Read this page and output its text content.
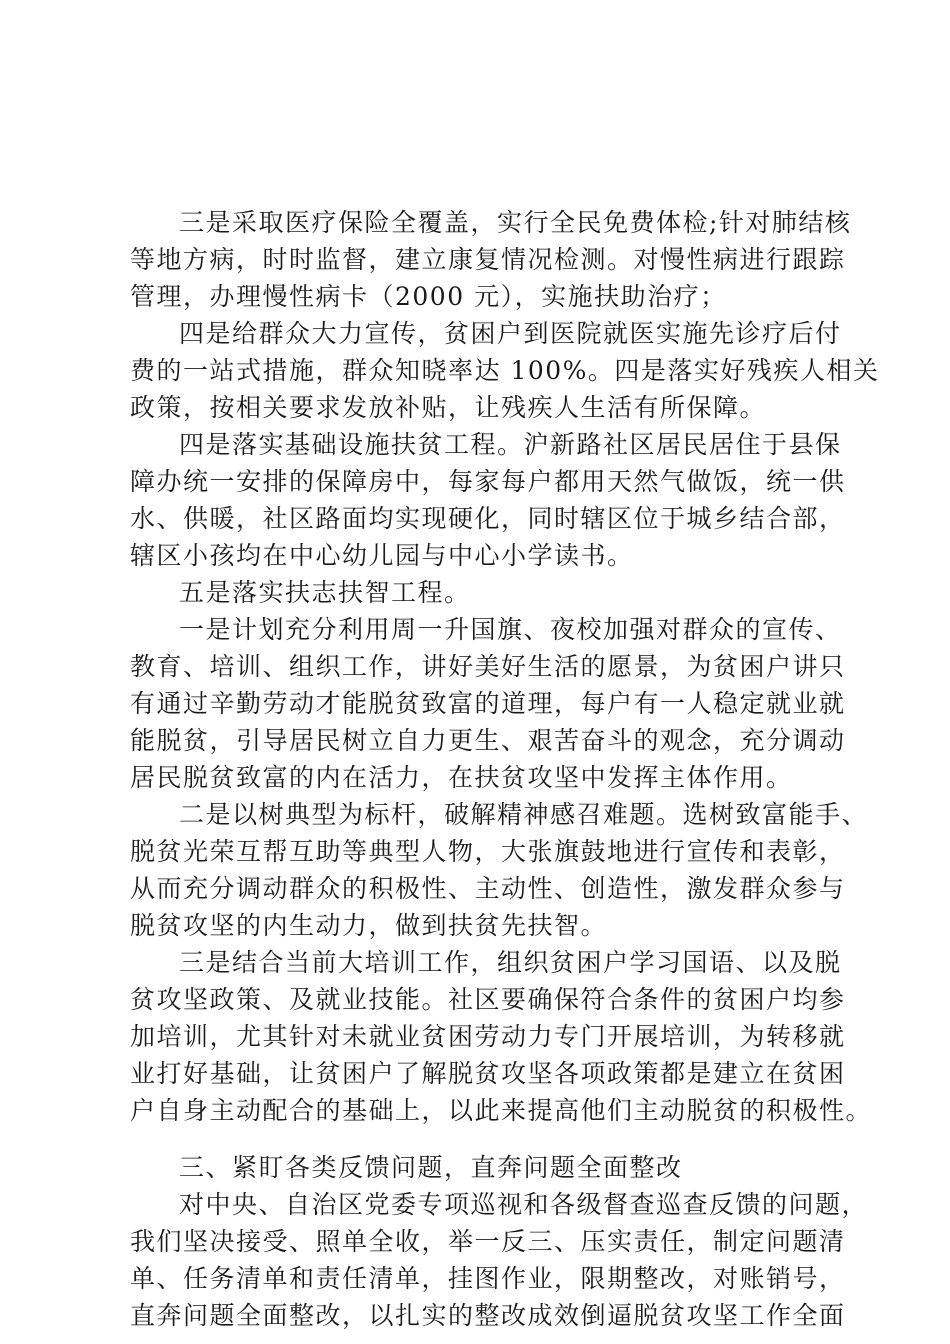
三是采取医疗保险全覆盖，实行全民免费体检;针对肺结核
等地方病，时时监督，建立康复情况检测。对慢性病进行跟踪
管理，办理慢性病卡（2000 元），实施扶助治疗；
四是给群众大力宣传，贫困户到医院就医实施先诊疗后付
费的一站式措施，群众知晓率达 100%。四是落实好残疾人相关
政策，按相关要求发放补贴，让残疾人生活有所保障。
四是落实基础设施扶贫工程。沪新路社区居民居住于县保
障办统一安排的保障房中，每家每户都用天然气做饭，统一供
水、供暖，社区路面均实现硬化，同时辖区位于城乡结合部，
辖区小孩均在中心幼儿园与中心小学读书。
五是落实扶志扶智工程。
一是计划充分利用周一升国旗、夜校加强对群众的宣传、
教育、培训、组织工作，讲好美好生活的愿景，为贫困户讲只
有通过辛勤劳动才能脱贫致富的道理，每户有一人稳定就业就
能脱贫，引导居民树立自力更生、艰苦奋斗的观念，充分调动
居民脱贫致富的内在活力，在扶贫攻坚中发挥主体作用。
二是以树典型为标杆，破解精神感召难题。选树致富能手、
脱贫光荣互帮互助等典型人物，大张旗鼓地进行宣传和表彰，
从而充分调动群众的积极性、主动性、创造性，激发群众参与
脱贫攻坚的内生动力，做到扶贫先扶智。
三是结合当前大培训工作，组织贫困户学习国语、以及脱
贫攻坚政策、及就业技能。社区要确保符合条件的贫困户均参
加培训，尤其针对未就业贫困劳动力专门开展培训，为转移就
业打好基础，让贫困户了解脱贫攻坚各项政策都是建立在贫困
户自身主动配合的基础上，以此来提高他们主动脱贫的积极性。
三、紧盯各类反馈问题，直奔问题全面整改
对中央、自治区党委专项巡视和各级督查巡查反馈的问题，
我们坚决接受、照单全收，举一反三、压实责任，制定问题清
单、任务清单和责任清单，挂图作业，限期整改，对账销号，
直奔问题全面整改，以扎实的整改成效倒逼脱贫攻坚工作全面
